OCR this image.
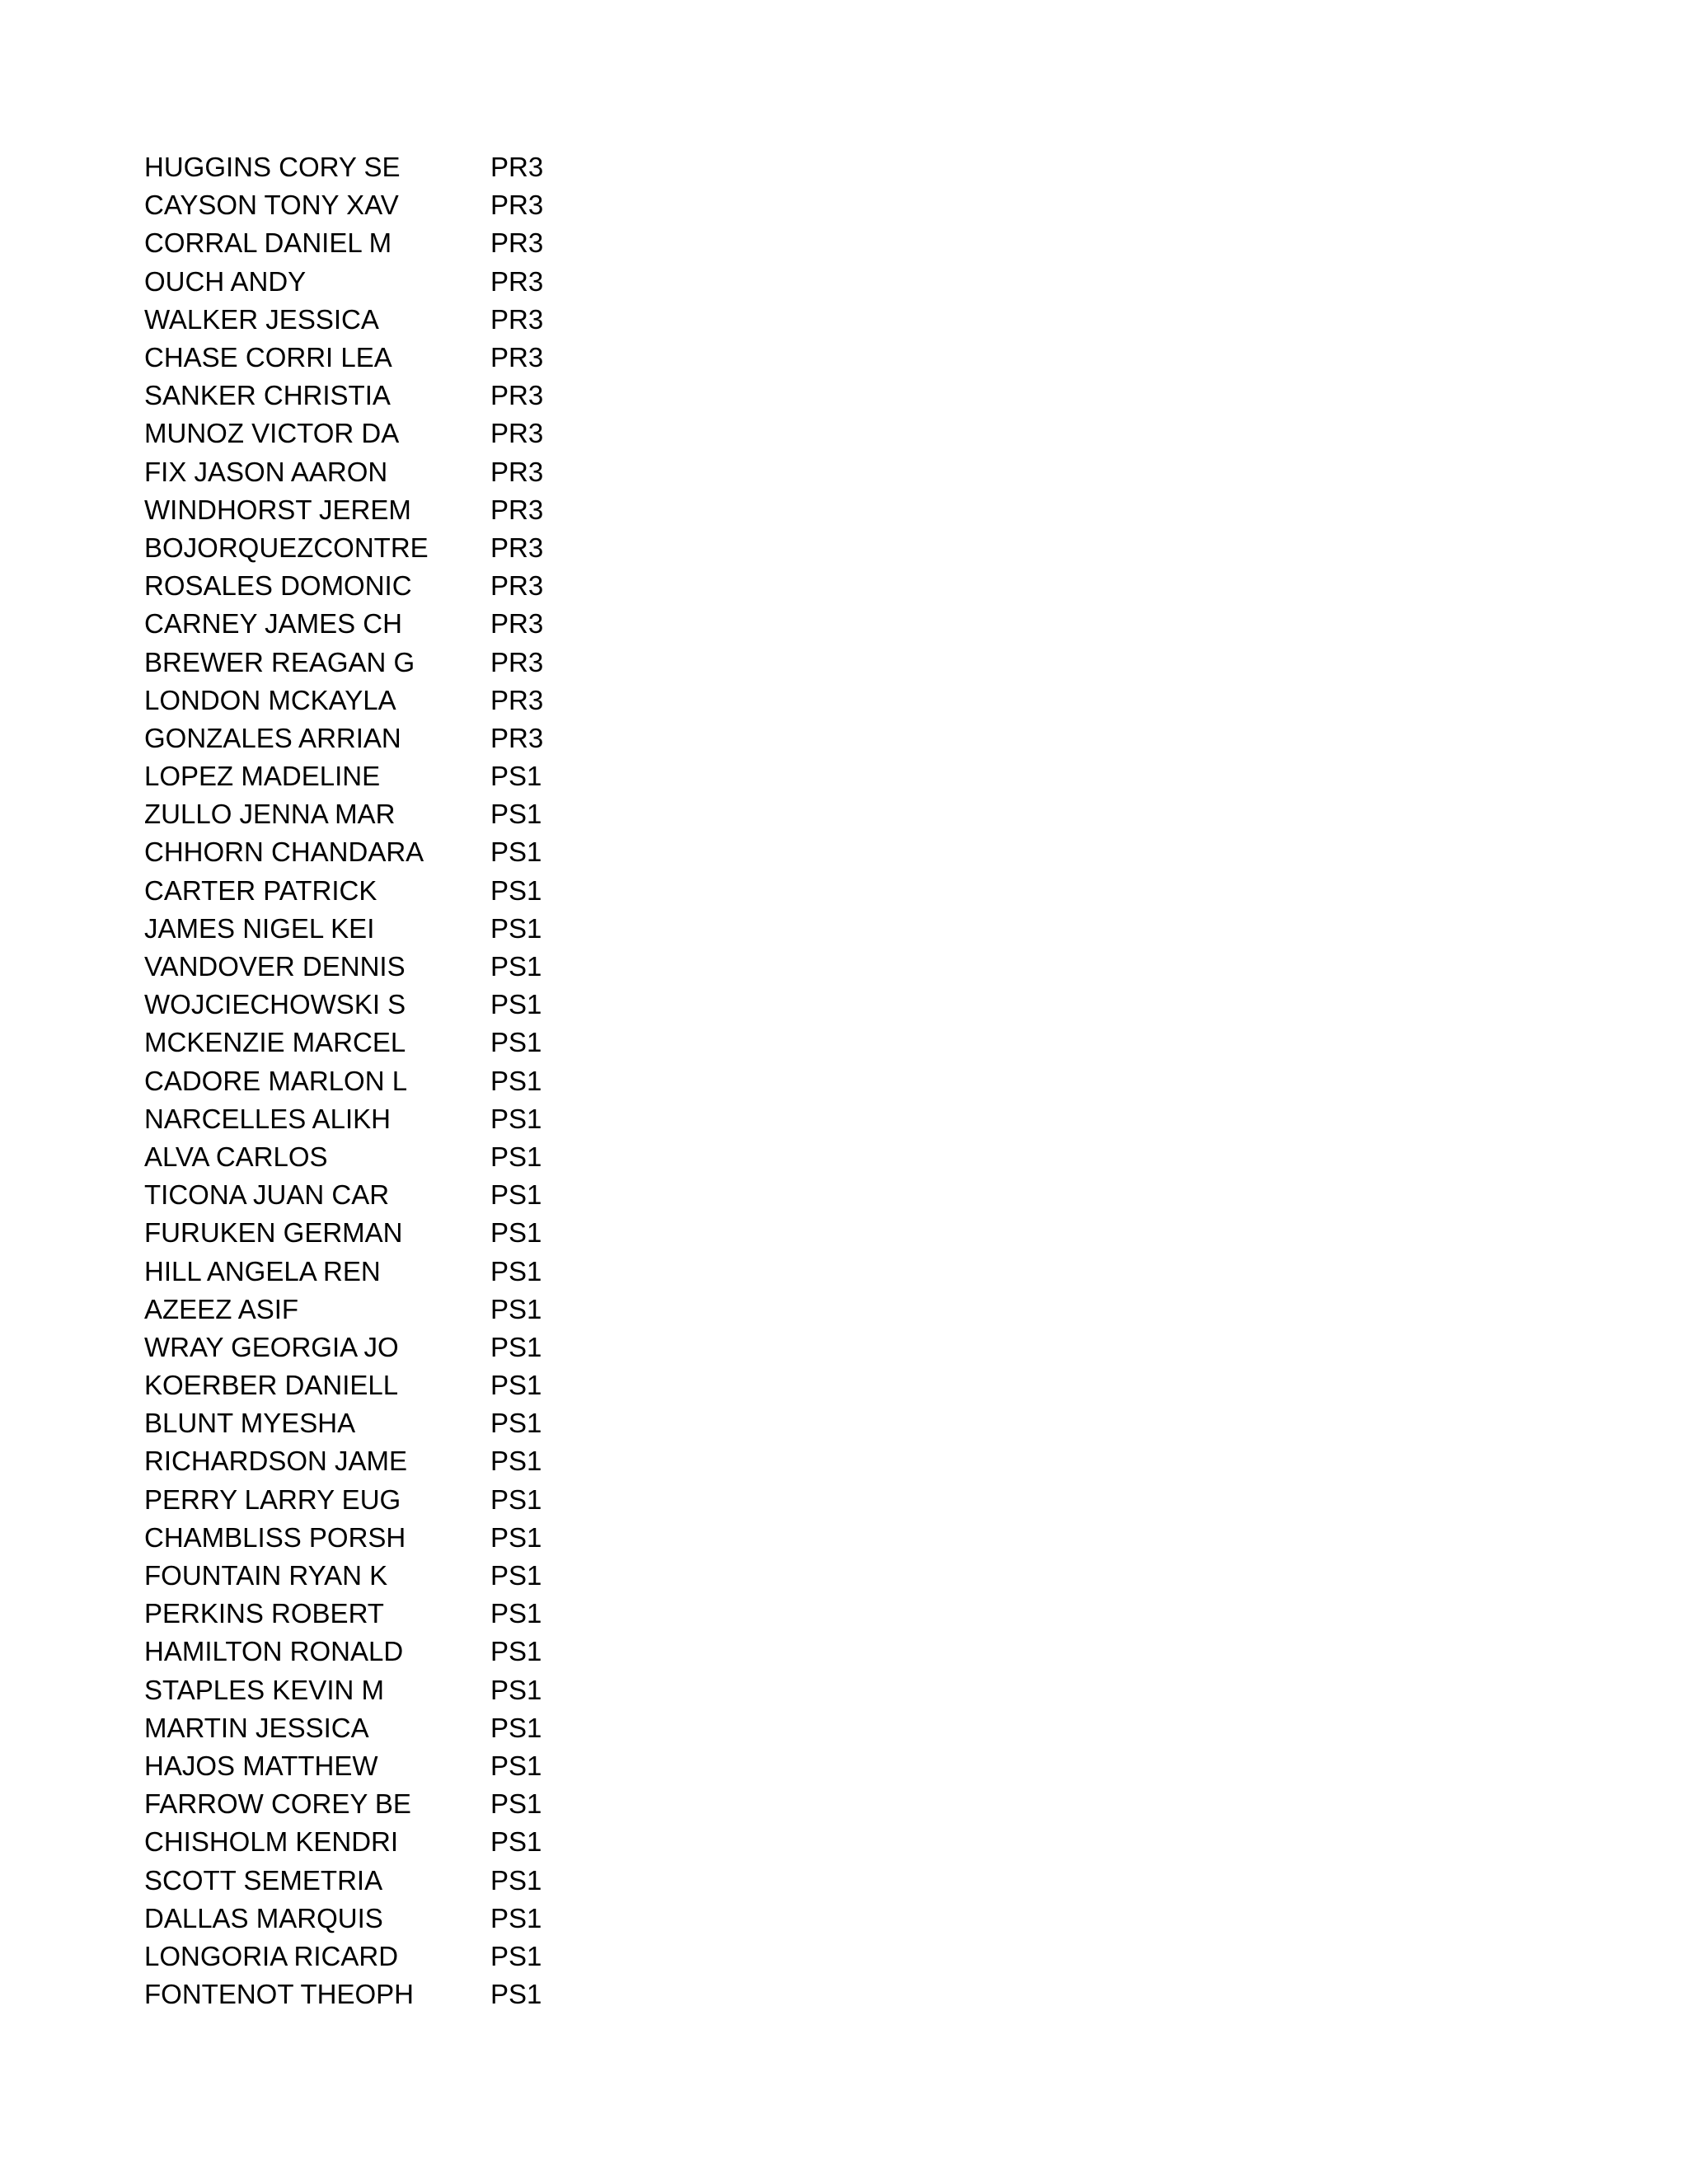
HUGGINS CORY SE	PR3
CAYSON TONY XAV	PR3
CORRAL DANIEL M	PR3
OUCH ANDY	PR3
WALKER JESSICA	PR3
CHASE CORRI LEA	PR3
SANKER CHRISTIA	PR3
MUNOZ VICTOR DA	PR3
FIX JASON AARON	PR3
WINDHORST JEREM	PR3
BOJORQUEZCONTRE	PR3
ROSALES DOMONIC	PR3
CARNEY JAMES CH	PR3
BREWER REAGAN G	PR3
LONDON MCKAYLA	PR3
GONZALES ARRIAN	PR3
LOPEZ MADELINE	PS1
ZULLO JENNA MAR	PS1
CHHORN CHANDARA	PS1
CARTER PATRICK	PS1
JAMES NIGEL KEI	PS1
VANDOVER DENNIS	PS1
WOJCIECHOWSKI S	PS1
MCKENZIE MARCEL	PS1
CADORE MARLON L	PS1
NARCELLES ALIKH	PS1
ALVA CARLOS	PS1
TICONA JUAN CAR	PS1
FURUKEN GERMAN	PS1
HILL ANGELA REN	PS1
AZEEZ ASIF	PS1
WRAY GEORGIA JO	PS1
KOERBER DANIELL	PS1
BLUNT MYESHA	PS1
RICHARDSON JAME	PS1
PERRY LARRY EUG	PS1
CHAMBLISS PORSH	PS1
FOUNTAIN RYAN K	PS1
PERKINS ROBERT	PS1
HAMILTON RONALD	PS1
STAPLES KEVIN M	PS1
MARTIN JESSICA	PS1
HAJOS MATTHEW	PS1
FARROW COREY BE	PS1
CHISHOLM KENDRI	PS1
SCOTT SEMETRIA	PS1
DALLAS MARQUIS	PS1
LONGORIA RICARD	PS1
FONTENOT THEOPH	PS1
